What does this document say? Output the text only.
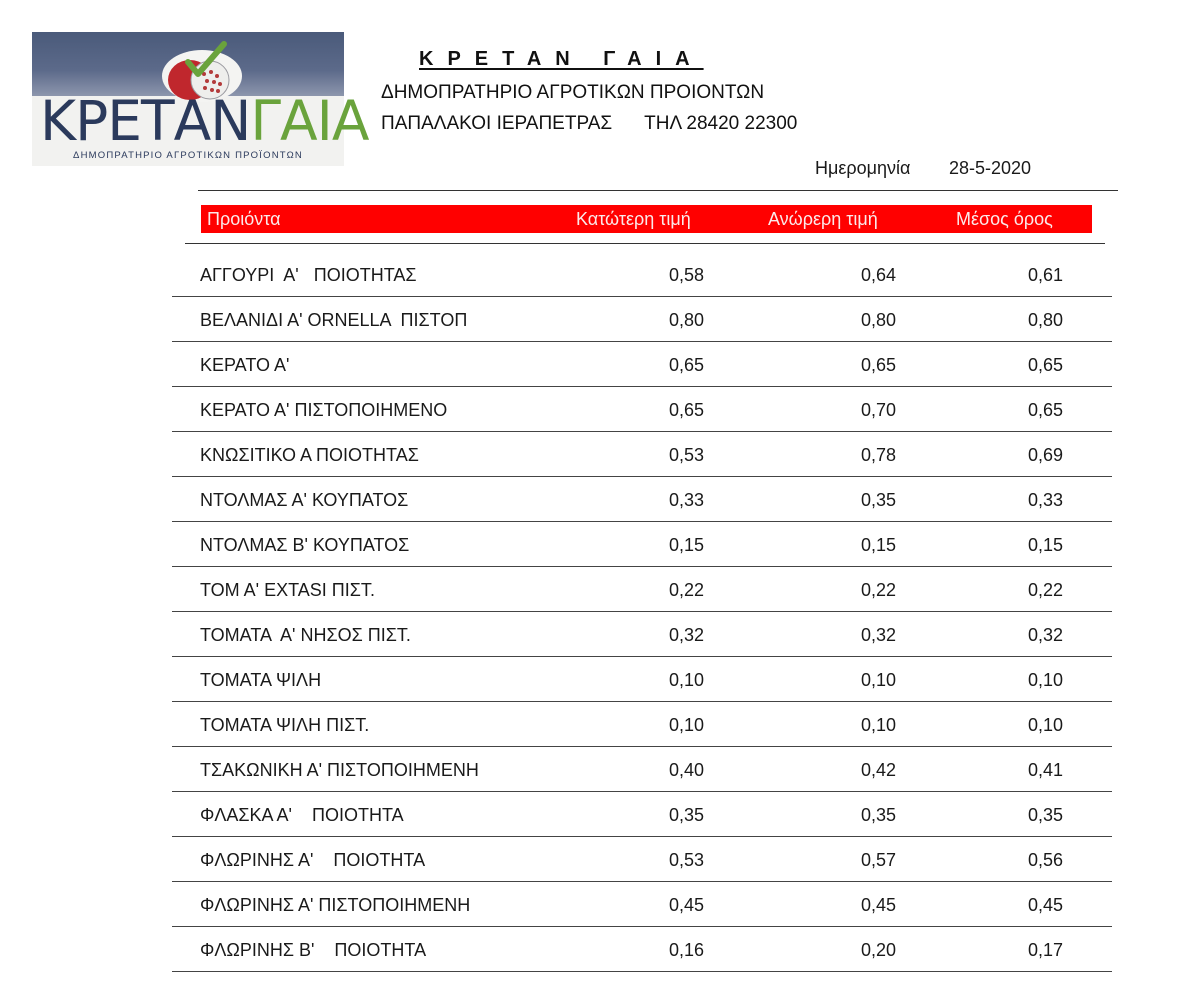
ΚΡΕΤΑΝΓΑΙΑ
ΔΗΜΟΠΡΑΤΗΡΙΟ ΑΓΡΟΤΙΚΩΝ ΠΡΟΪΟΝΤΩΝ
ΚΡΕΤΑΝ ΓΑΙΑ
ΔΗΜΟΠΡΑΤΗΡΙΟ ΑΓΡΟΤΙΚΩΝ ΠΡΟΙΟΝΤΩΝ
ΠΑΠΑΛΑΚΟΙ ΙΕΡΑΠΕΤΡΑΣ ΤΗΛ 28420 22300
Ημερομηνία 28-5-2020
Προιόντα	Κατώτερη τιμή	Ανώρερη τιμή	Μέσος όρος
ΑΓΓΟΥΡΙ  Α'   ΠΟΙΟΤΗΤΑΣ	0,58	0,64	0,61
ΒΕΛΑΝΙΔΙ Α' ORNELLA  ΠΙΣΤΟΠ	0,80	0,80	0,80
ΚΕΡΑΤΟ Α'	0,65	0,65	0,65
ΚΕΡΑΤΟ Α' ΠΙΣΤΟΠΟΙΗΜΕΝΟ	0,65	0,70	0,65
ΚΝΩΣΙΤΙΚΟ Α ΠΟΙΟΤΗΤΑΣ	0,53	0,78	0,69
ΝΤΟΛΜΑΣ Α' ΚΟΥΠΑΤΟΣ	0,33	0,35	0,33
ΝΤΟΛΜΑΣ Β' ΚΟΥΠΑΤΟΣ	0,15	0,15	0,15
ΤΟΜ Α' EXTASI ΠΙΣΤ.	0,22	0,22	0,22
ΤΟΜΑΤΑ  Α' ΝΗΣΟΣ ΠΙΣΤ.	0,32	0,32	0,32
ΤΟΜΑΤΑ ΨΙΛΗ	0,10	0,10	0,10
ΤΟΜΑΤΑ ΨΙΛΗ ΠΙΣΤ.	0,10	0,10	0,10
ΤΣΑΚΩΝΙΚΗ Α' ΠΙΣΤΟΠΟΙΗΜΕΝΗ	0,40	0,42	0,41
ΦΛΑΣΚΑ Α'    ΠΟΙΟΤΗΤΑ	0,35	0,35	0,35
ΦΛΩΡΙΝΗΣ Α'    ΠΟΙΟΤΗΤΑ	0,53	0,57	0,56
ΦΛΩΡΙΝΗΣ Α' ΠΙΣΤΟΠΟΙΗΜΕΝΗ	0,45	0,45	0,45
ΦΛΩΡΙΝΗΣ Β'    ΠΟΙΟΤΗΤΑ	0,16	0,20	0,17
